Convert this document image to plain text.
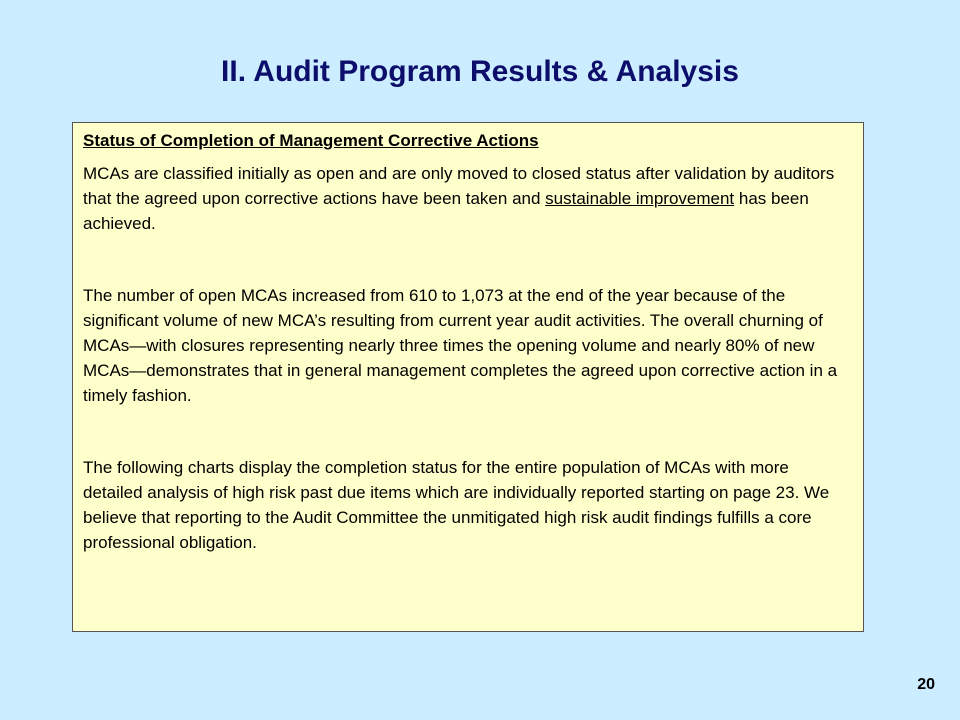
II. Audit Program Results & Analysis

Status of Completion of Management Corrective Actions

MCAs are classified initially as open and are only moved to closed status after validation by auditors that the agreed upon corrective actions have been taken and sustainable improvement has been achieved.

The number of open MCAs increased from 610 to 1,073 at the end of the year because of the significant volume of new MCA’s resulting from current year audit activities. The overall churning of MCAs—with closures representing nearly three times the opening volume and nearly 80% of new MCAs—demonstrates that in general management completes the agreed upon corrective action in a timely fashion.

The following charts display the completion status for the entire population of MCAs with more detailed analysis of high risk past due items which are individually reported starting on page 23. We believe that reporting to the Audit Committee the unmitigated high risk audit findings fulfills a core professional obligation.

20
